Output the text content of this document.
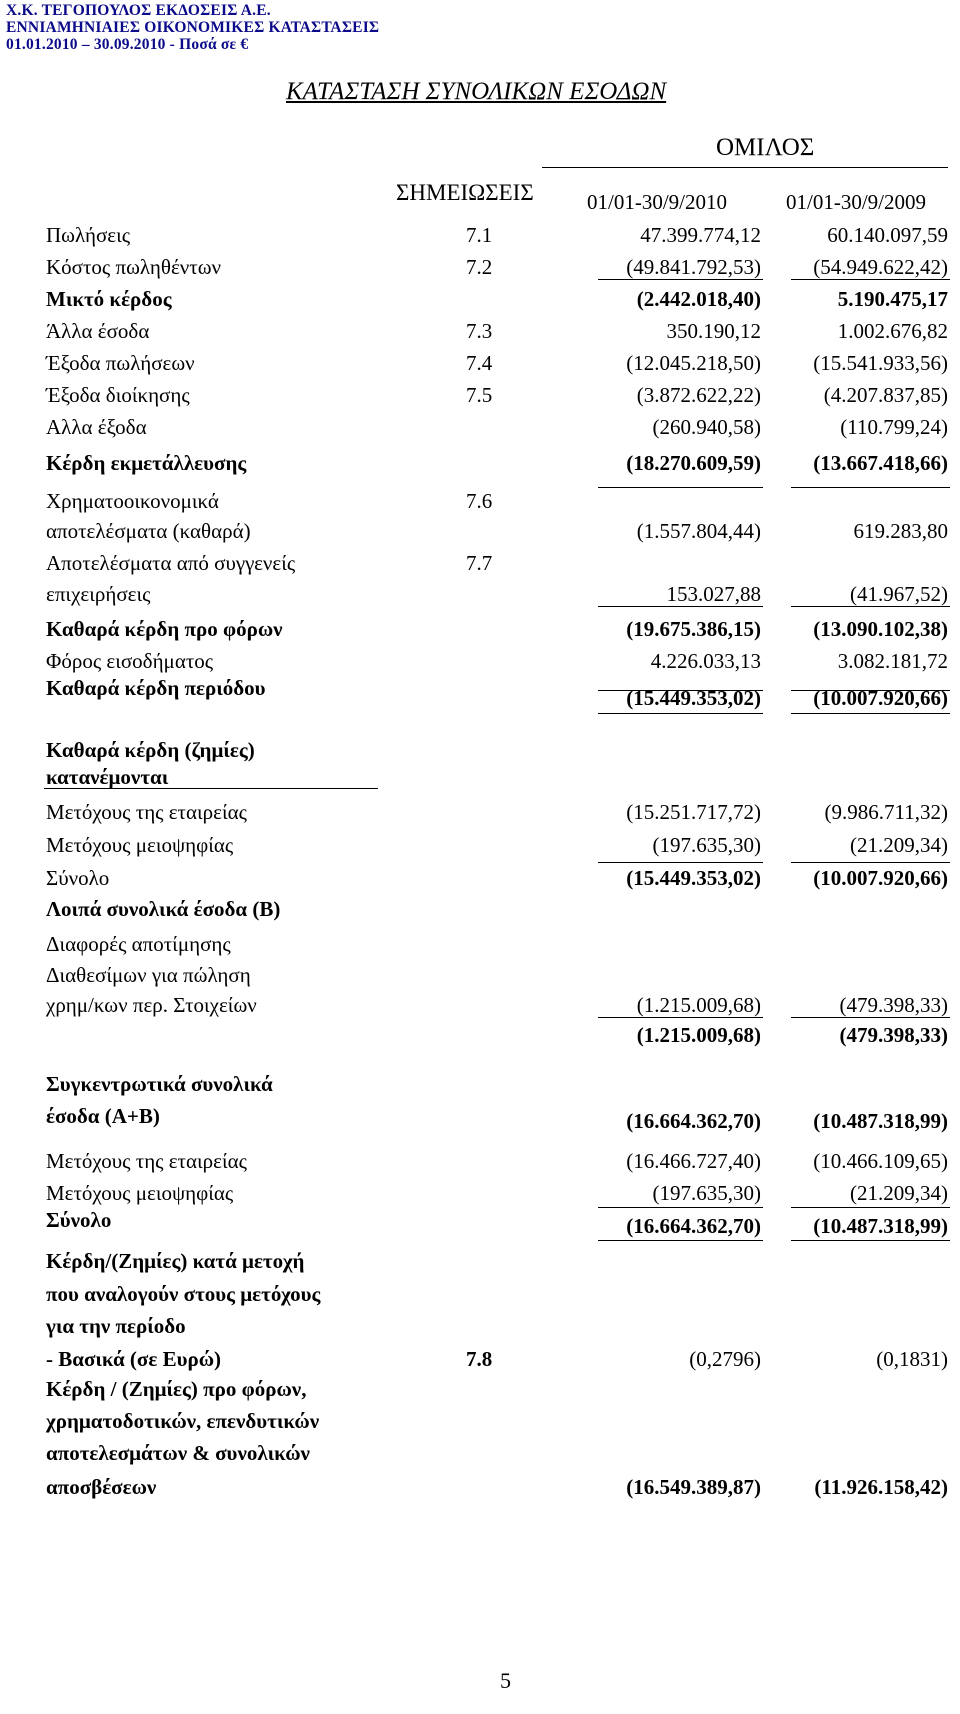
Χ.Κ. ΤΕΓΟΠΟΥΛΟΣ ΕΚΔΟΣΕΙΣ Α.Ε.
ΕΝΝΙΑΜΗΝΙΑΙΕΣ ΟΙΚΟΝΟΜΙΚΕΣ ΚΑΤΑΣΤΑΣΕΙΣ
01.01.2010 – 30.09.2010 - Ποσά σε €
ΚΑΤΑΣΤΑΣΗ ΣΥΝΟΛΙΚΩΝ ΕΣΟΔΩΝ
ΟΜΙΛΟΣ
ΣΗΜΕΙΩΣΕΙΣ	01/01-30/9/2010	01/01-30/9/2009
Πωλήσεις	7.1	47.399.774,12	60.140.097,59
Κόστος πωληθέντων	7.2	(49.841.792,53) (54.949.622,42)
Μικτό κέρδος	(2.442.018,40)	5.190.475,17
Άλλα έσοδα	7.3	350.190,12	1.002.676,82
Έξοδα πωλήσεων	7.4	(12.045.218,50) (15.541.933,56)
Έξοδα διοίκησης	7.5	(3.872.622,22)	(4.207.837,85)
Αλλα έξοδα	(260.940,58)	(110.799,24)
Κέρδη εκμετάλλευσης	(18.270.609,59) (13.667.418,66)
Χρηματοοικονομικά	7.6
αποτελέσματα (καθαρά)	(1.557.804,44)	619.283,80
Αποτελέσματα από συγγενείς	7.7
επιχειρήσεις	153.027,88	(41.967,52)
Καθαρά κέρδη προ φόρων	(19.675.386,15) (13.090.102,38)
Φόρος εισοδήματος	4.226.033,13	3.082.181,72
Καθαρά κέρδη περιόδου	(15.449.353,02) (10.007.920,66)
Καθαρά κέρδη (ζημίες)
κατανέμονται
Μετόχους της εταιρείας	(15.251.717,72)	(9.986.711,32)
Μετόχους μειοψηφίας	(197.635,30)	(21.209,34)
Σύνολο	(15.449.353,02) (10.007.920,66)
Λοιπά συνολικά έσοδα (Β)
Διαφορές αποτίμησης
Διαθεσίμων για πώληση
χρημ/κων περ. Στοιχείων	(1.215.009,68)	(479.398,33)
(1.215.009,68)	(479.398,33)
Συγκεντρωτικά συνολικά
έσοδα (Α+Β)	(16.664.362,70) (10.487.318,99)
Μετόχους της εταιρείας	(16.466.727,40) (10.466.109,65)
Μετόχους μειοψηφίας	(197.635,30)	(21.209,34)
Σύνολο	(16.664.362,70) (10.487.318,99)
Κέρδη/(Ζημίες) κατά μετοχή
που αναλογούν στους μετόχους
για την περίοδο
- Βασικά (σε Ευρώ)	7.8	(0,2796)	(0,1831)
Κέρδη / (Ζημίες) προ φόρων,
χρηματοδοτικών, επενδυτικών
αποτελεσμάτων & συνολικών
αποσβέσεων	(16.549.389,87)	(11.926.158,42)
5
